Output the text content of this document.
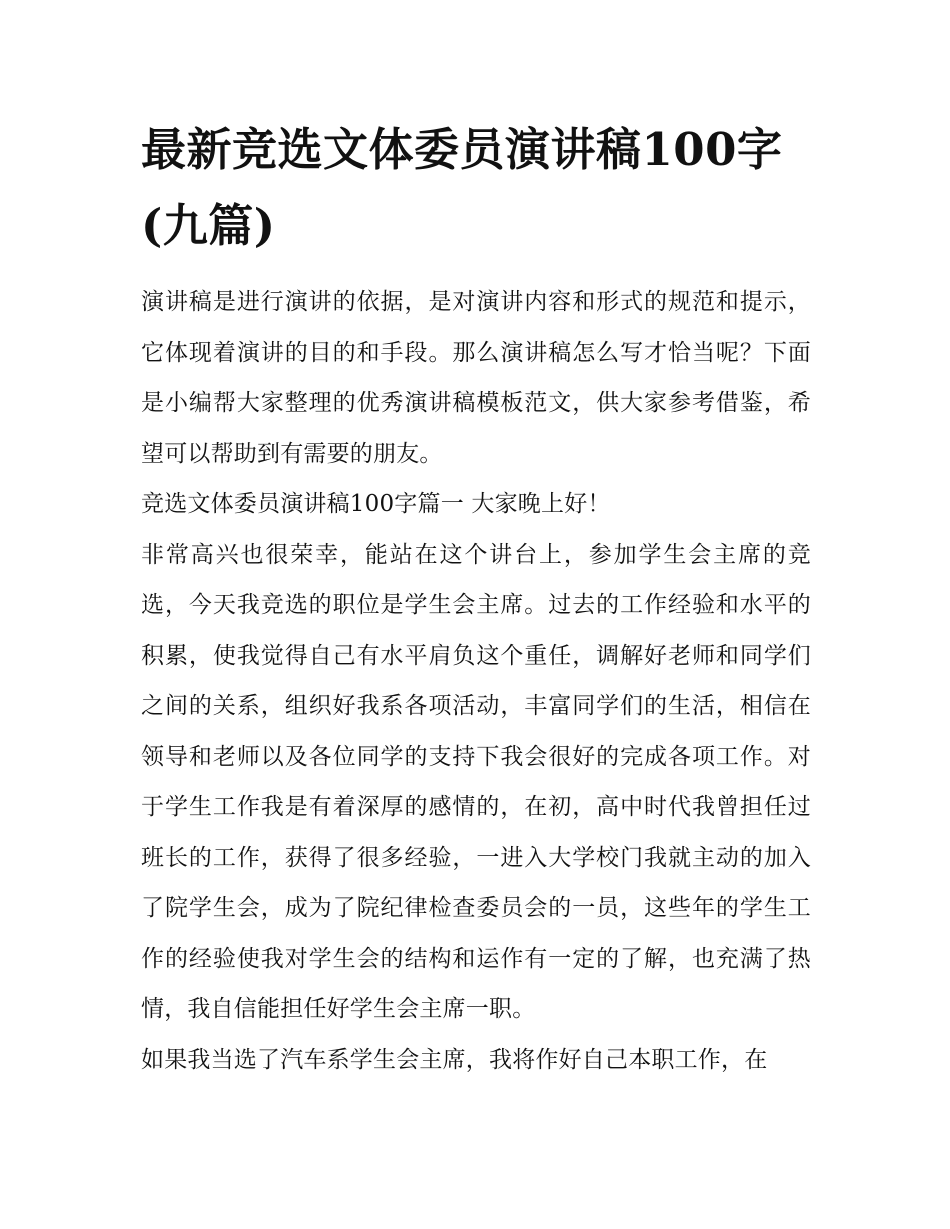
最新竞选文体委员演讲稿100字(九篇)

演讲稿是进行演讲的依据，是对演讲内容和形式的规范和提示，它体现着演讲的目的和手段。那么演讲稿怎么写才恰当呢？下面是小编帮大家整理的优秀演讲稿模板范文，供大家参考借鉴，希望可以帮助到有需要的朋友。

竞选文体委员演讲稿100字篇一 大家晚上好！

非常高兴也很荣幸，能站在这个讲台上，参加学生会主席的竞选，今天我竞选的职位是学生会主席。过去的工作经验和水平的积累，使我觉得自己有水平肩负这个重任，调解好老师和同学们之间的关系，组织好我系各项活动，丰富同学们的生活，相信在领导和老师以及各位同学的支持下我会很好的完成各项工作。对于学生工作我是有着深厚的感情的，在初，高中时代我曾担任过班长的工作，获得了很多经验，一进入大学校门我就主动的加入了院学生会，成为了院纪律检查委员会的一员，这些年的学生工作的经验使我对学生会的结构和运作有一定的了解，也充满了热情，我自信能担任好学生会主席一职。

如果我当选了汽车系学生会主席，我将作好自己本职工作，在
